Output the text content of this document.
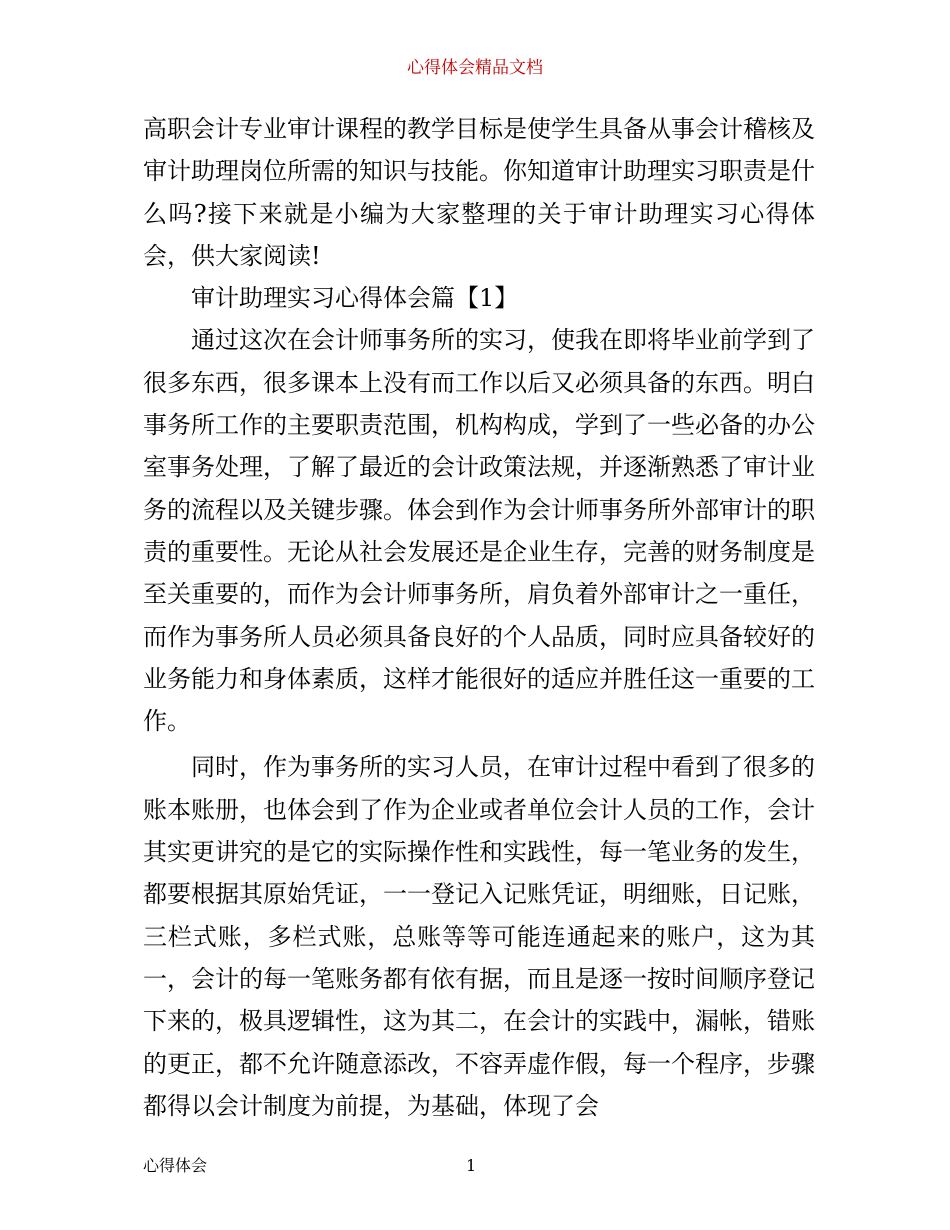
心得体会精品文档

高职会计专业审计课程的教学目标是使学生具备从事会计稽核及审计助理岗位所需的知识与技能。你知道审计助理实习职责是什么吗?接下来就是小编为大家整理的关于审计助理实习心得体会，供大家阅读!

审计助理实习心得体会篇【1】

通过这次在会计师事务所的实习，使我在即将毕业前学到了很多东西，很多课本上没有而工作以后又必须具备的东西。明白事务所工作的主要职责范围，机构构成，学到了一些必备的办公室事务处理，了解了最近的会计政策法规，并逐渐熟悉了审计业务的流程以及关键步骤。体会到作为会计师事务所外部审计的职责的重要性。无论从社会发展还是企业生存，完善的财务制度是至关重要的，而作为会计师事务所，肩负着外部审计之一重任，而作为事务所人员必须具备良好的个人品质，同时应具备较好的业务能力和身体素质，这样才能很好的适应并胜任这一重要的工作。

同时，作为事务所的实习人员，在审计过程中看到了很多的账本账册，也体会到了作为企业或者单位会计人员的工作，会计其实更讲究的是它的实际操作性和实践性，每一笔业务的发生，都要根据其原始凭证，一一登记入记账凭证，明细账，日记账，三栏式账，多栏式账，总账等等可能连通起来的账户，这为其一，会计的每一笔账务都有依有据，而且是逐一按时间顺序登记下来的，极具逻辑性，这为其二，在会计的实践中，漏帐，错账的更正，都不允许随意添改，不容弄虚作假，每一个程序，步骤都得以会计制度为前提，为基础，体现了会

心得体会	1
